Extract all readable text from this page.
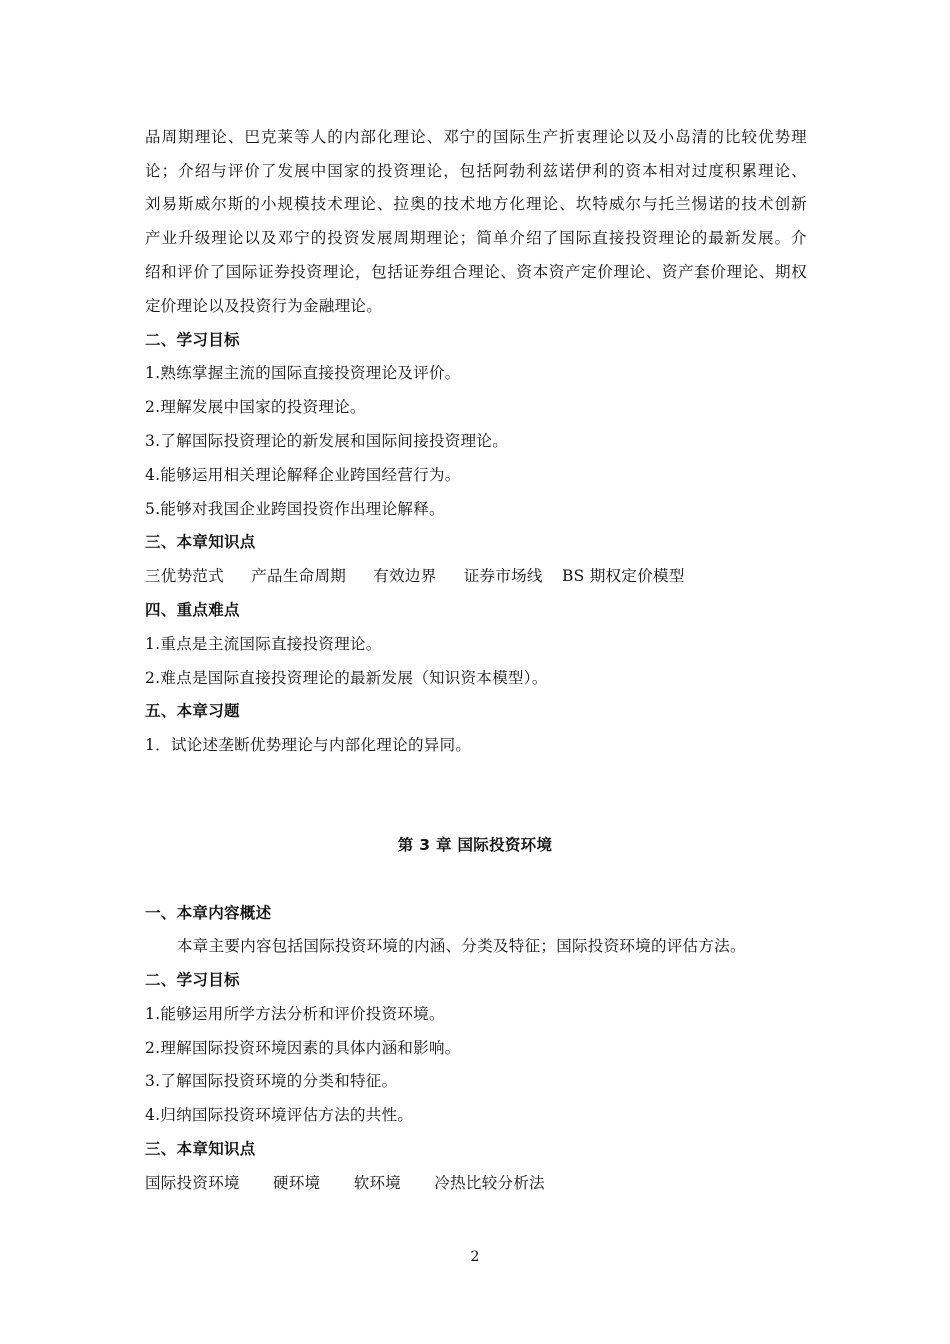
品周期理论、巴克莱等人的内部化理论、邓宁的国际生产折衷理论以及小岛清的比较优势理
论；介绍与评价了发展中国家的投资理论，包括阿勃利兹诺伊利的资本相对过度积累理论、
刘易斯威尔斯的小规模技术理论、拉奥的技术地方化理论、坎特威尔与托兰惕诺的技术创新
产业升级理论以及邓宁的投资发展周期理论；简单介绍了国际直接投资理论的最新发展。介
绍和评价了国际证券投资理论，包括证券组合理论、资本资产定价理论、资产套价理论、期权
定价理论以及投资行为金融理论。
二、学习目标
1.熟练掌握主流的国际直接投资理论及评价。
2.理解发展中国家的投资理论。
3.了解国际投资理论的新发展和国际间接投资理论。
4.能够运用相关理论解释企业跨国经营行为。
5.能够对我国企业跨国投资作出理论解释。
三、本章知识点
三优势范式 产品生命周期 有效边界 证券市场线 BS 期权定价模型
四、重点难点
1.重点是主流国际直接投资理论。
2.难点是国际直接投资理论的最新发展（知识资本模型）。
五、本章习题
1．试论述垄断优势理论与内部化理论的异同。
第 3 章 国际投资环境
一、本章内容概述
本章主要内容包括国际投资环境的内涵、分类及特征；国际投资环境的评估方法。
二、学习目标
1.能够运用所学方法分析和评价投资环境。
2.理解国际投资环境因素的具体内涵和影响。
3.了解国际投资环境的分类和特征。
4.归纳国际投资环境评估方法的共性。
三、本章知识点
国际投资环境 硬环境 软环境 冷热比较分析法
2
